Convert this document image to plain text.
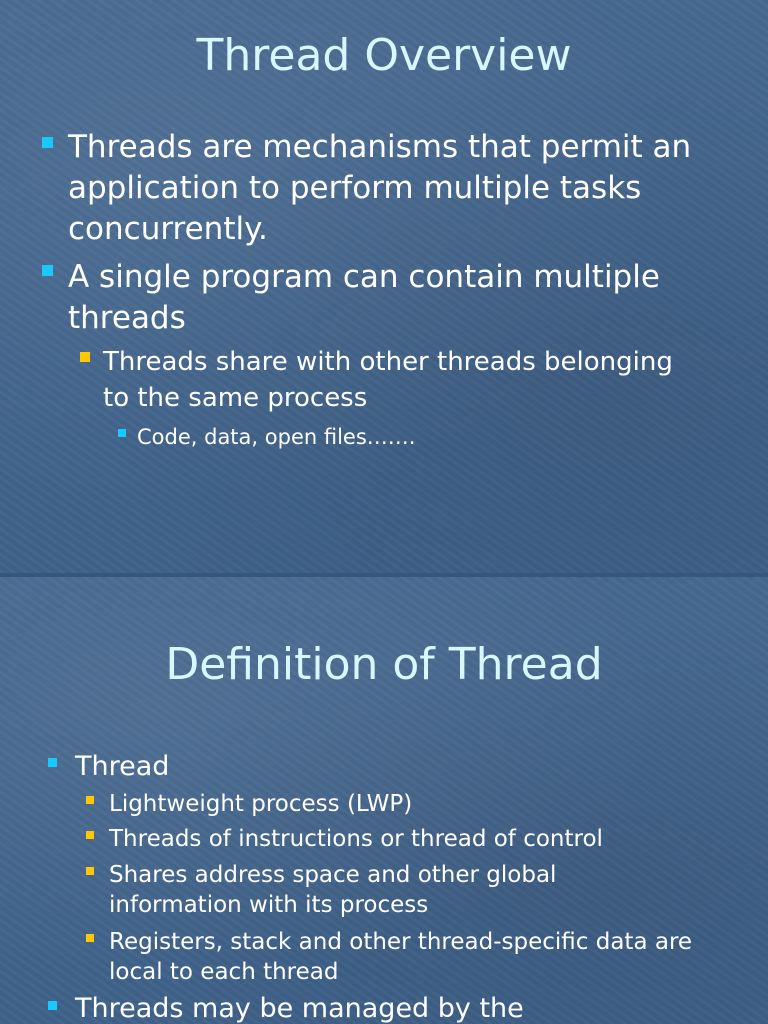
Thread Overview

Threads are mechanisms that permit an application to perform multiple tasks concurrently.

A single program can contain multiple threads

Threads share with other threads belonging to the same process

Code, data, open files…….

Definition of Thread

Thread

Lightweight process (LWP)

Threads of instructions or thread of control

Shares address space and other global information with its process

Registers, stack and other thread-specific data are local to each thread

Threads may be managed by the
